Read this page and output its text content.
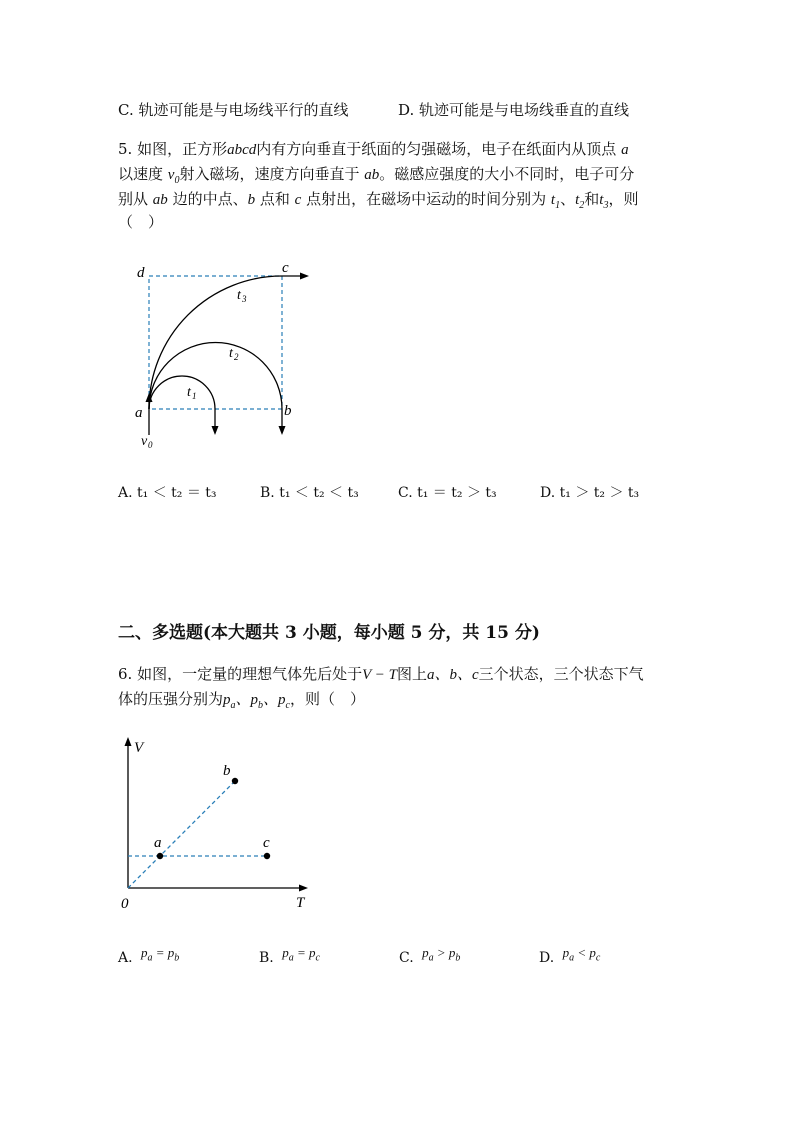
C. 轨迹可能是与电场线平行的直线	D. 轨迹可能是与电场线垂直的直线
5. 如图，正方形abcd内有方向垂直于纸面的匀强磁场，电子在纸面内从顶点 a
以速度 $v_0$射入磁场，速度方向垂直于 ab。磁感应强度的大小不同时，电子可分
别从 ab 边的中点、b 点和 c 点射出，在磁场中运动的时间分别为 $t_1$、$t_2$和$t_3$，则
（　）
d	c
a	b
v 0
t 1
t 2
t 3
A. t₁ ＜ t₂ ＝ t₃	B. t₁ ＜ t₂ ＜ t₃	C. t₁ ＝ t₂ ＞ t₃	D. t₁ ＞ t₂ ＞ t₃
二、多选题(本大题共 3 小题，每小题 5 分，共 15 分)
6. 如图，一定量的理想气体先后处于V − T图上a、b、c三个状态，三个状态下气
体的压强分别为$p_a$、$p_b$、$p_c$，则（　）
V
T
0
a
b
c
A. $p_a = p_b$	B. $p_a = p_c$	C. $p_a > p_b$	D. $p_a < p_c$
